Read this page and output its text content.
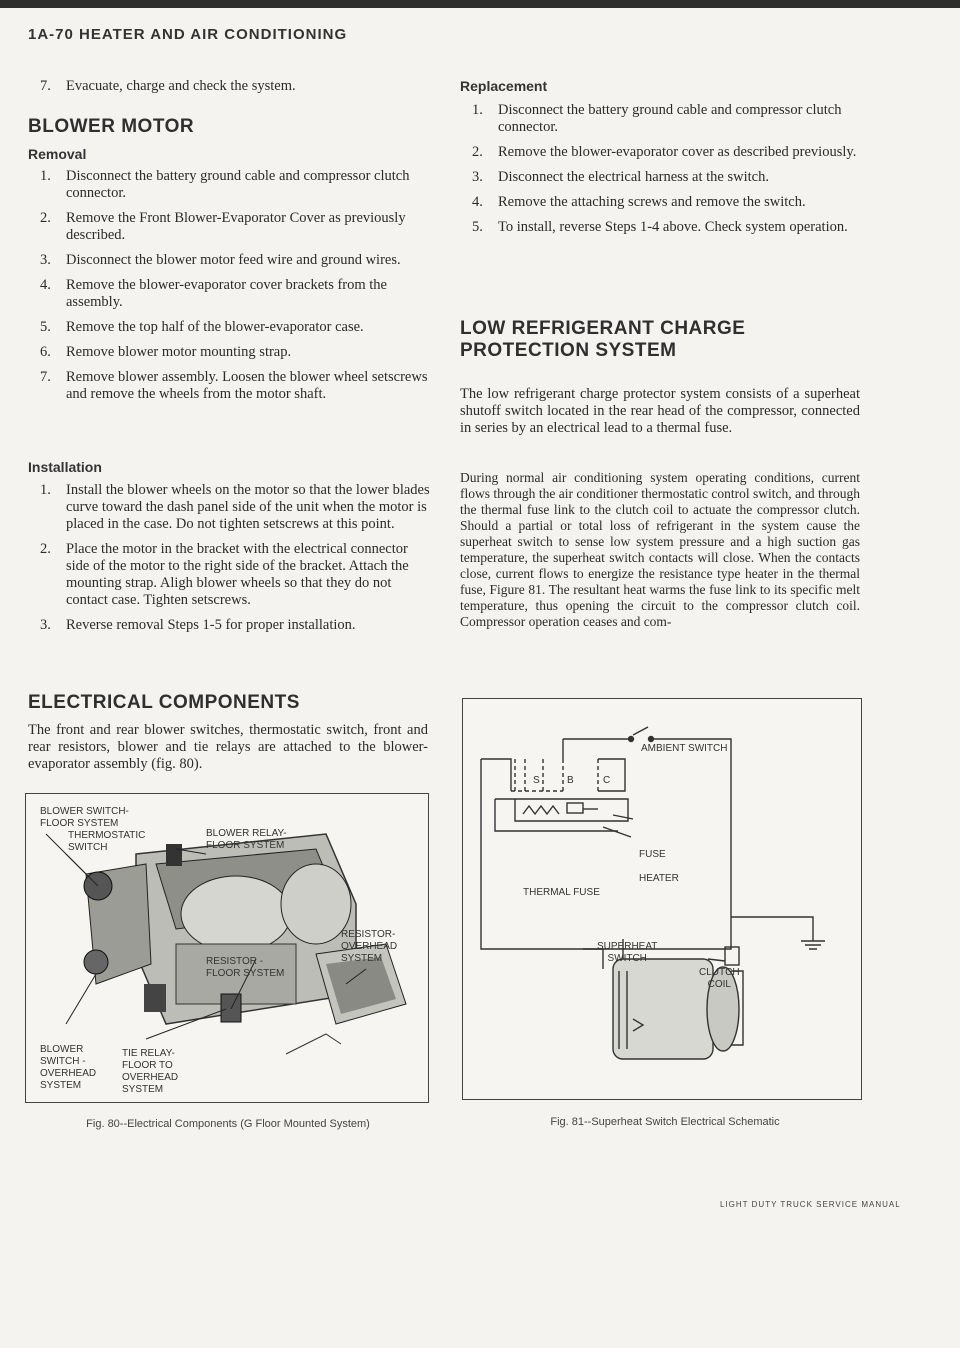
1A-70 HEATER AND AIR CONDITIONING
7. Evacuate, charge and check the system.
BLOWER MOTOR
Removal
1. Disconnect the battery ground cable and compressor clutch connector.
2. Remove the Front Blower-Evaporator Cover as previously described.
3. Disconnect the blower motor feed wire and ground wires.
4. Remove the blower-evaporator cover brackets from the assembly.
5. Remove the top half of the blower-evaporator case.
6. Remove blower motor mounting strap.
7. Remove blower assembly. Loosen the blower wheel setscrews and remove the wheels from the motor shaft.
Installation
1. Install the blower wheels on the motor so that the lower blades curve toward the dash panel side of the unit when the motor is placed in the case. Do not tighten setscrews at this point.
2. Place the motor in the bracket with the electrical connector side of the motor to the right side of the bracket. Attach the mounting strap. Aligh blower wheels so that they do not contact case. Tighten setscrews.
3. Reverse removal Steps 1-5 for proper installation.
ELECTRICAL COMPONENTS

The front and rear blower switches, thermostatic switch, front and rear resistors, blower and tie relays are attached to the blower-evaporator assembly (fig. 80).

BLOWER SWITCH-
FLOOR SYSTEM
THERMOSTATIC
SWITCH
BLOWER RELAY-
FLOOR SYSTEM
RESISTOR-
OVERHEAD
SYSTEM
RESISTOR -
FLOOR SYSTEM
BLOWER
SWITCH -
OVERHEAD
SYSTEM
TIE RELAY-
FLOOR TO
OVERHEAD
SYSTEM
Fig. 80--Electrical Components (G Floor Mounted System)
Replacement
1. Disconnect the battery ground cable and compressor clutch connector.
2. Remove the blower-evaporator cover as described previously.
3. Disconnect the electrical harness at the switch.
4. Remove the attaching screws and remove the switch.
5. To install, reverse Steps 1-4 above. Check system operation.
LOW REFRIGERANT CHARGE PROTECTION SYSTEM

The low refrigerant charge protector system consists of a superheat shutoff switch located in the rear head of the compressor, connected in series by an electrical lead to a thermal fuse.

During normal air conditioning system operating conditions, current flows through the air conditioner thermostatic control switch, and through the thermal fuse link to the clutch coil to actuate the compressor clutch. Should a partial or total loss of refrigerant in the system cause the superheat switch to sense low system pressure and a high suction gas temperature, the superheat switch contacts will close. When the contacts close, current flows to energize the resistance type heater in the thermal fuse, Figure 81. The resultant heat warms the fuse link to its specific melt temperature, thus opening the circuit to the compressor clutch coil. Compressor operation ceases and com-

AMBIENT SWITCH
S	B	C
FUSE
HEATER
THERMAL FUSE
SUPERHEAT
SWITCH
CLUTCH
COIL
Fig. 81--Superheat Switch Electrical Schematic
LIGHT DUTY TRUCK SERVICE MANUAL
